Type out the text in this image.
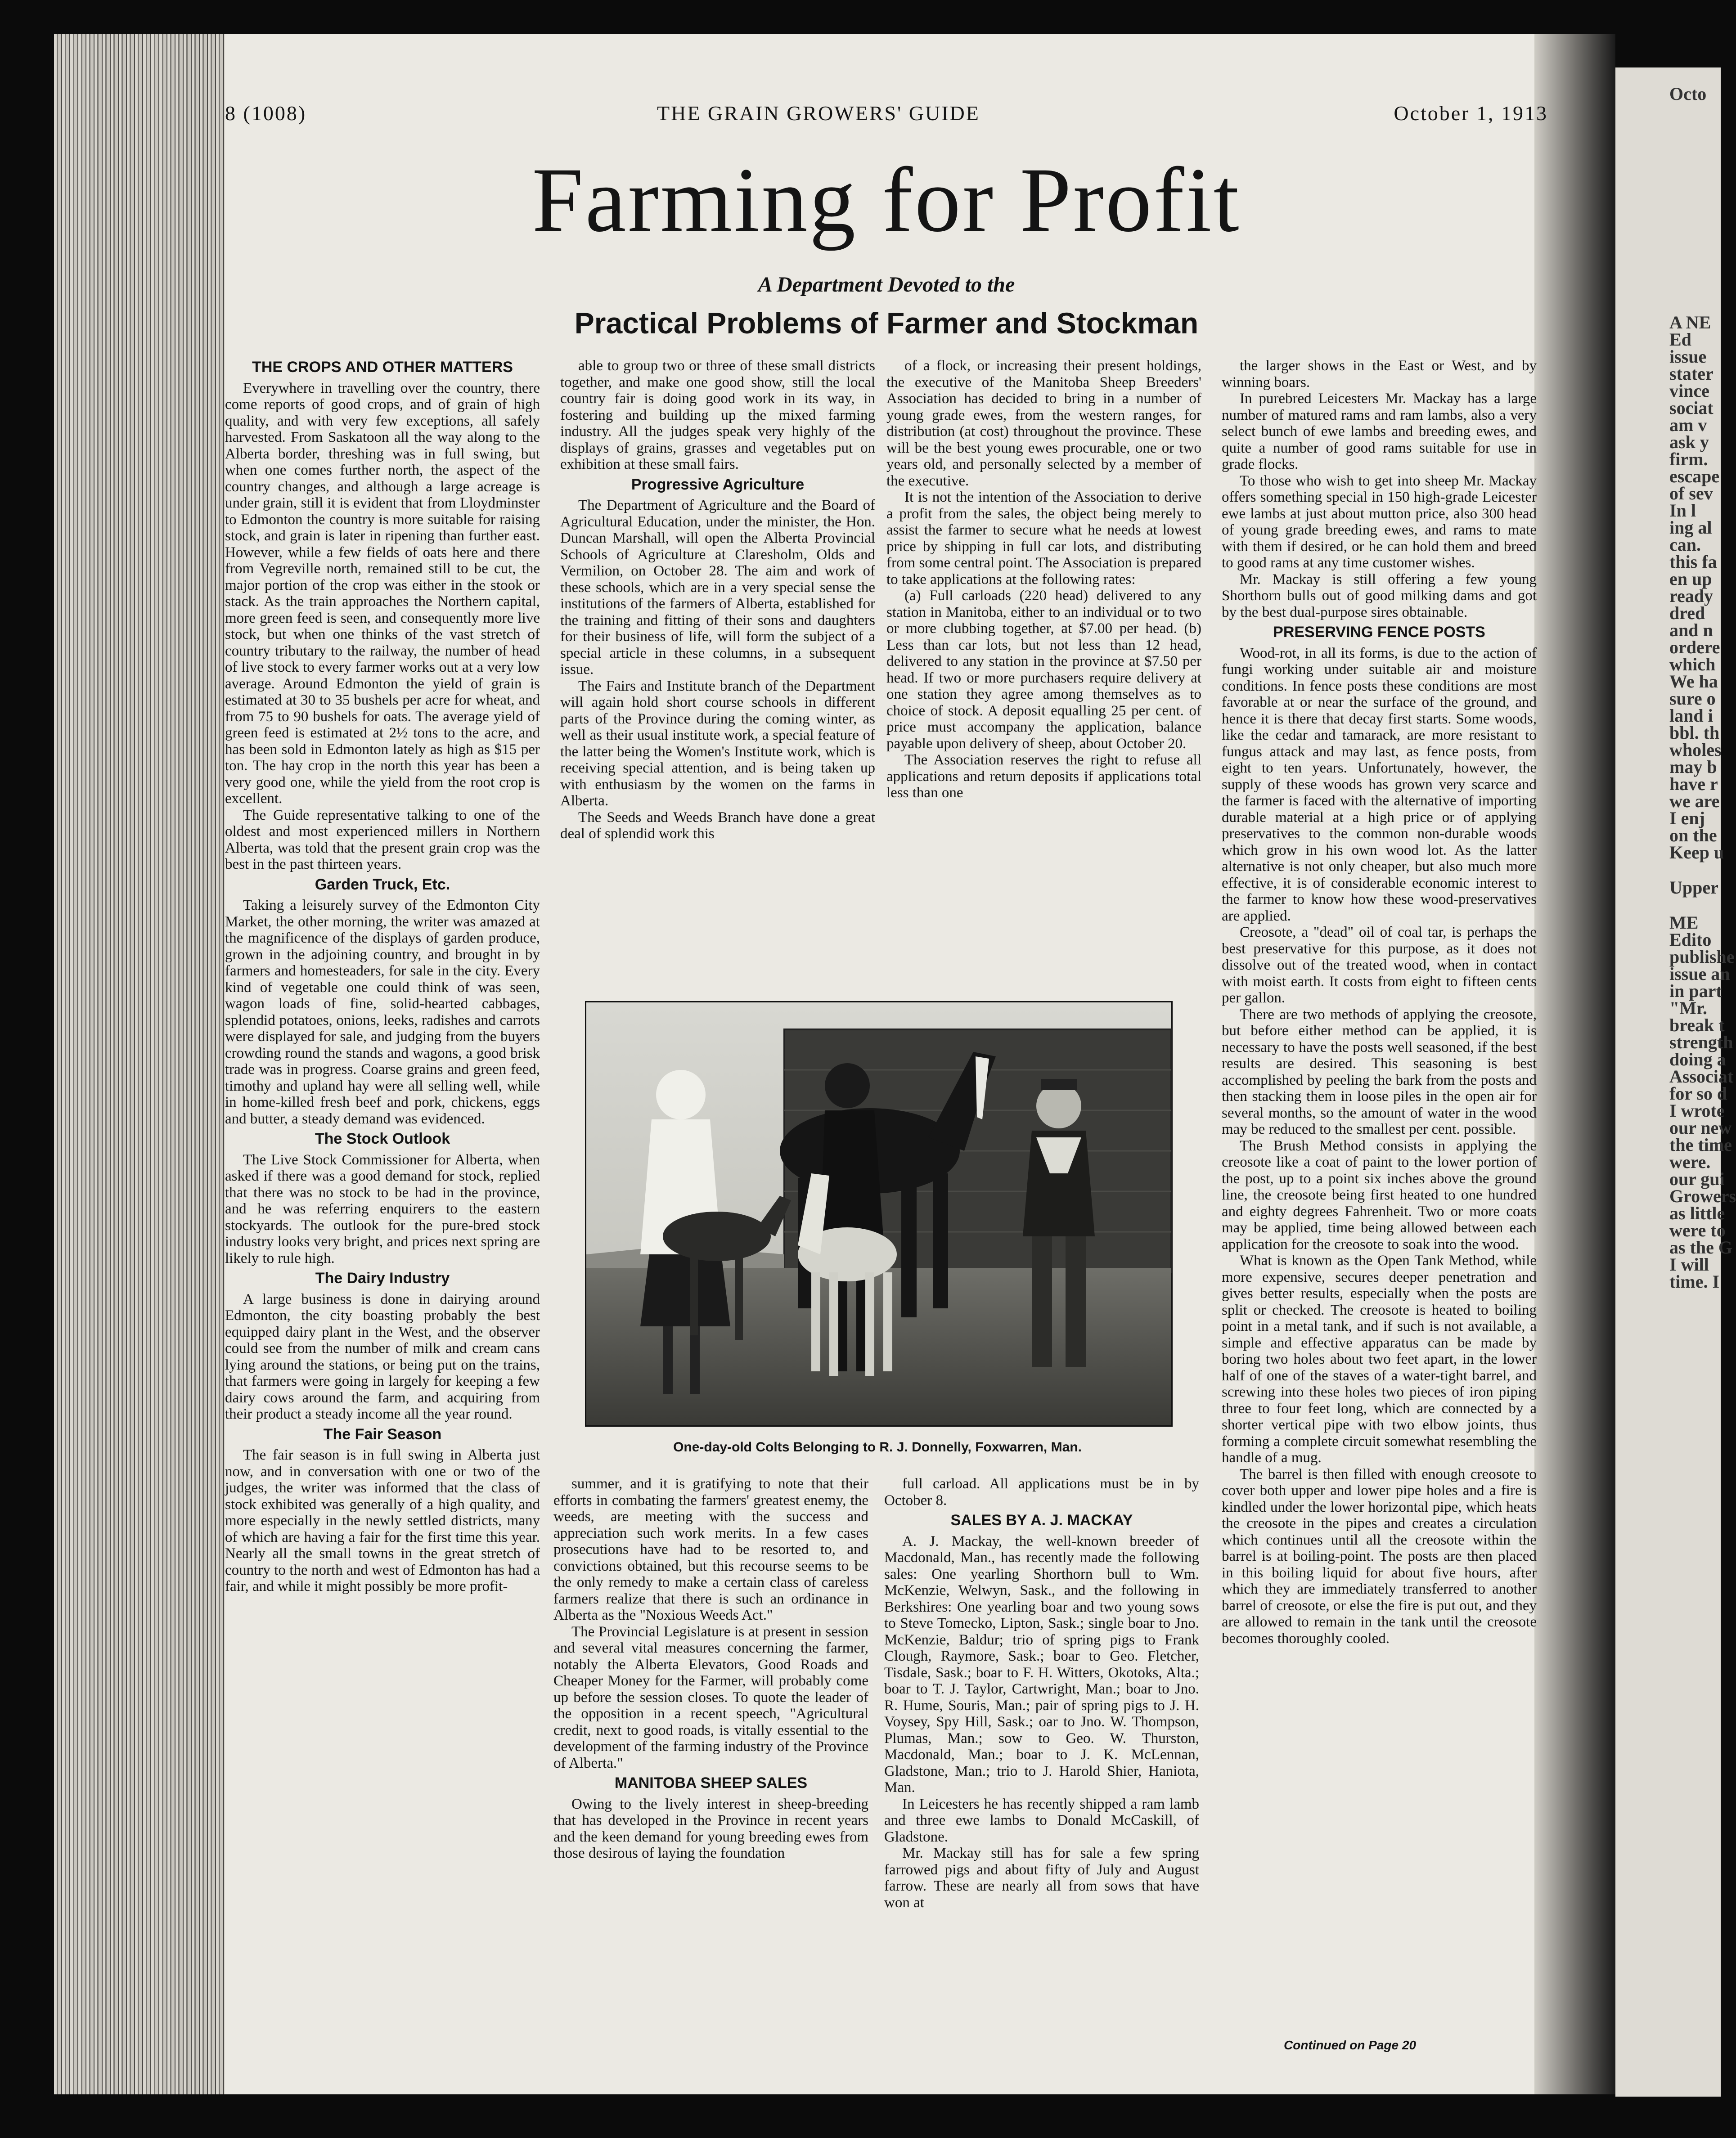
Octo
A NE
Ed
issue
stater
vince
sociat
am v
ask y
firm.
escape
of sev
In l
ing al
can.
this fa
en up
ready
dred
and n
ordere
which
We ha
sure o
land i
bbl. th
wholes
may b
have r
we are
I enj
on the
Keep u
Upper
ME
Edito
publishe
issue an
in part
"Mr.
break t
strength
doing a
Associat
for so d
I wrote
our new
the time
were.
our gui
Growers
as little
were to
as the G
I will
time. I
8 (1008)	THE GRAIN GROWERS' GUIDE	October 1, 1913
Farming for Profit
A Department Devoted to the
Practical Problems of Farmer and Stockman
THE CROPS AND OTHER MATTERS

Everywhere in travelling over the country, there come reports of good crops, and of grain of high quality, and with very few exceptions, all safely harvested. From Saskatoon all the way along to the Alberta border, threshing was in full swing, but when one comes further north, the aspect of the country changes, and although a large acreage is under grain, still it is evident that from Lloydminster to Edmonton the country is more suitable for raising stock, and grain is later in ripening than further east. However, while a few fields of oats here and there from Vegreville north, remained still to be cut, the major portion of the crop was either in the stook or stack. As the train approaches the Northern capital, more green feed is seen, and consequently more live stock, but when one thinks of the vast stretch of country tributary to the railway, the number of head of live stock to every farmer works out at a very low average. Around Edmonton the yield of grain is estimated at 30 to 35 bushels per acre for wheat, and from 75 to 90 bushels for oats. The average yield of green feed is estimated at 2½ tons to the acre, and has been sold in Edmonton lately as high as $15 per ton. The hay crop in the north this year has been a very good one, while the yield from the root crop is excellent.

The Guide representative talking to one of the oldest and most experienced millers in Northern Alberta, was told that the present grain crop was the best in the past thirteen years.

Garden Truck, Etc.

Taking a leisurely survey of the Edmonton City Market, the other morning, the writer was amazed at the magnificence of the displays of garden produce, grown in the adjoining country, and brought in by farmers and homesteaders, for sale in the city. Every kind of vegetable one could think of was seen, wagon loads of fine, solid-hearted cabbages, splendid potatoes, onions, leeks, radishes and carrots were displayed for sale, and judging from the buyers crowding round the stands and wagons, a good brisk trade was in progress. Coarse grains and green feed, timothy and upland hay were all selling well, while in home-killed fresh beef and pork, chickens, eggs and butter, a steady demand was evidenced.

The Stock Outlook

The Live Stock Commissioner for Alberta, when asked if there was a good demand for stock, replied that there was no stock to be had in the province, and he was referring enquirers to the eastern stockyards. The outlook for the pure-bred stock industry looks very bright, and prices next spring are likely to rule high.

The Dairy Industry

A large business is done in dairying around Edmonton, the city boasting probably the best equipped dairy plant in the West, and the observer could see from the number of milk and cream cans lying around the stations, or being put on the trains, that farmers were going in largely for keeping a few dairy cows around the farm, and acquiring from their product a steady income all the year round.

The Fair Season

The fair season is in full swing in Alberta just now, and in conversation with one or two of the judges, the writer was informed that the class of stock exhibited was generally of a high quality, and more especially in the newly settled districts, many of which are having a fair for the first time this year. Nearly all the small towns in the great stretch of country to the north and west of Edmonton has had a fair, and while it might possibly be more profit-

able to group two or three of these small districts together, and make one good show, still the local country fair is doing good work in its way, in fostering and building up the mixed farming industry. All the judges speak very highly of the displays of grains, grasses and vegetables put on exhibition at these small fairs.

Progressive Agriculture

The Department of Agriculture and the Board of Agricultural Education, under the minister, the Hon. Duncan Marshall, will open the Alberta Provincial Schools of Agriculture at Claresholm, Olds and Vermilion, on October 28. The aim and work of these schools, which are in a very special sense the institutions of the farmers of Alberta, established for the training and fitting of their sons and daughters for their business of life, will form the subject of a special article in these columns, in a subsequent issue.

The Fairs and Institute branch of the Department will again hold short course schools in different parts of the Province during the coming winter, as well as their usual institute work, a special feature of the latter being the Women's Institute work, which is receiving special attention, and is being taken up with enthusiasm by the women on the farms in Alberta.

The Seeds and Weeds Branch have done a great deal of splendid work this

summer, and it is gratifying to note that their efforts in combating the farmers' greatest enemy, the weeds, are meeting with the success and appreciation such work merits. In a few cases prosecutions have had to be resorted to, and convictions obtained, but this recourse seems to be the only remedy to make a certain class of careless farmers realize that there is such an ordinance in Alberta as the "Noxious Weeds Act."

The Provincial Legislature is at present in session and several vital measures concerning the farmer, notably the Alberta Elevators, Good Roads and Cheaper Money for the Farmer, will probably come up before the session closes. To quote the leader of the opposition in a recent speech, "Agricultural credit, next to good roads, is vitally essential to the development of the farming industry of the Province of Alberta."

MANITOBA SHEEP SALES

Owing to the lively interest in sheep-breeding that has developed in the Province in recent years and the keen demand for young breeding ewes from those desirous of laying the foundation

of a flock, or increasing their present holdings, the executive of the Manitoba Sheep Breeders' Association has decided to bring in a number of young grade ewes, from the western ranges, for distribution (at cost) throughout the province. These will be the best young ewes procurable, one or two years old, and personally selected by a member of the executive.

It is not the intention of the Association to derive a profit from the sales, the object being merely to assist the farmer to secure what he needs at lowest price by shipping in full car lots, and distributing from some central point. The Association is prepared to take applications at the following rates:

(a) Full carloads (220 head) delivered to any station in Manitoba, either to an individual or to two or more clubbing together, at $7.00 per head. (b) Less than car lots, but not less than 12 head, delivered to any station in the province at $7.50 per head. If two or more purchasers require delivery at one station they agree among themselves as to choice of stock. A deposit equalling 25 per cent. of price must accompany the application, balance payable upon delivery of sheep, about October 20.

The Association reserves the right to refuse all applications and return deposits if applications total less than one

full carload. All applications must be in by October 8.

SALES BY A. J. MACKAY

A. J. Mackay, the well-known breeder of Macdonald, Man., has recently made the following sales: One yearling Shorthorn bull to Wm. McKenzie, Welwyn, Sask., and the following in Berkshires: One yearling boar and two young sows to Steve Tomecko, Lipton, Sask.; single boar to Jno. McKenzie, Baldur; trio of spring pigs to Frank Clough, Raymore, Sask.; boar to Geo. Fletcher, Tisdale, Sask.; boar to F. H. Witters, Okotoks, Alta.; boar to T. J. Taylor, Cartwright, Man.; boar to Jno. R. Hume, Souris, Man.; pair of spring pigs to J. H. Voysey, Spy Hill, Sask.; oar to Jno. W. Thompson, Plumas, Man.; sow to Geo. W. Thurston, Macdonald, Man.; boar to J. K. McLennan, Gladstone, Man.; trio to J. Harold Shier, Haniota, Man.

In Leicesters he has recently shipped a ram lamb and three ewe lambs to Donald McCaskill, of Gladstone.

Mr. Mackay still has for sale a few spring farrowed pigs and about fifty of July and August farrow. These are nearly all from sows that have won at

the larger shows in the East or West, and by winning boars.

In purebred Leicesters Mr. Mackay has a large number of matured rams and ram lambs, also a very select bunch of ewe lambs and breeding ewes, and quite a number of good rams suitable for use in grade flocks.

To those who wish to get into sheep Mr. Mackay offers something special in 150 high-grade Leicester ewe lambs at just about mutton price, also 300 head of young grade breeding ewes, and rams to mate with them if desired, or he can hold them and breed to good rams at any time customer wishes.

Mr. Mackay is still offering a few young Shorthorn bulls out of good milking dams and got by the best dual-purpose sires obtainable.

PRESERVING FENCE POSTS

Wood-rot, in all its forms, is due to the action of fungi working under suitable air and moisture conditions. In fence posts these conditions are most favorable at or near the surface of the ground, and hence it is there that decay first starts. Some woods, like the cedar and tamarack, are more resistant to fungus attack and may last, as fence posts, from eight to ten years. Unfortunately, however, the supply of these woods has grown very scarce and the farmer is faced with the alternative of importing durable material at a high price or of applying preservatives to the common non-durable woods which grow in his own wood lot. As the latter alternative is not only cheaper, but also much more effective, it is of considerable economic interest to the farmer to know how these wood-preservatives are applied.

Creosote, a "dead" oil of coal tar, is perhaps the best preservative for this purpose, as it does not dissolve out of the treated wood, when in contact with moist earth. It costs from eight to fifteen cents per gallon.

There are two methods of applying the creosote, but before either method can be applied, it is necessary to have the posts well seasoned, if the best results are desired. This seasoning is best accomplished by peeling the bark from the posts and then stacking them in loose piles in the open air for several months, so the amount of water in the wood may be reduced to the smallest per cent. possible.

The Brush Method consists in applying the creosote like a coat of paint to the lower portion of the post, up to a point six inches above the ground line, the creosote being first heated to one hundred and eighty degrees Fahrenheit. Two or more coats may be applied, time being allowed between each application for the creosote to soak into the wood.

What is known as the Open Tank Method, while more expensive, secures deeper penetration and gives better results, especially when the posts are split or checked. The creosote is heated to boiling point in a metal tank, and if such is not available, a simple and effective apparatus can be made by boring two holes about two feet apart, in the lower half of one of the staves of a water-tight barrel, and screwing into these holes two pieces of iron piping three to four feet long, which are connected by a shorter vertical pipe with two elbow joints, thus forming a complete circuit somewhat resembling the handle of a mug.

The barrel is then filled with enough creosote to cover both upper and lower pipe holes and a fire is kindled under the lower horizontal pipe, which heats the creosote in the pipes and creates a circulation which continues until all the creosote within the barrel is at boiling-point. The posts are then placed in this boiling liquid for about five hours, after which they are immediately transferred to another barrel of creosote, or else the fire is put out, and they are allowed to remain in the tank until the creosote becomes thoroughly cooled.

One-day-old Colts Belonging to R. J. Donnelly, Foxwarren, Man.
Continued on Page 20
